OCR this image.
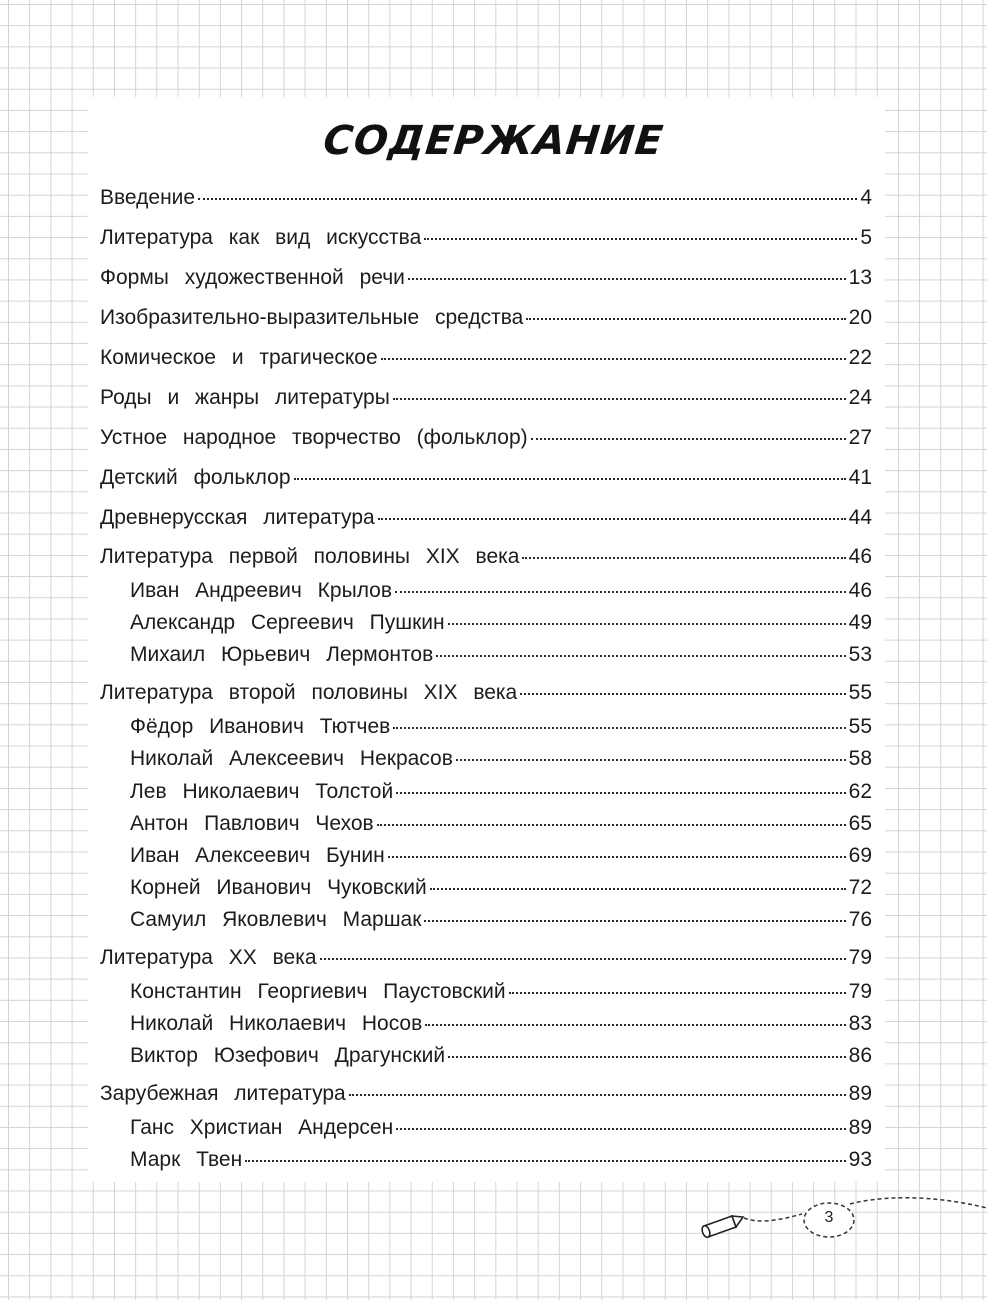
СОДЕРЖАНИЕ
Введение	4
Литература как вид искусства	5
Формы художественной речи	13
Изобразительно-выразительные средства	20
Комическое и трагическое	22
Роды и жанры литературы	24
Устное народное творчество (фольклор)	27
Детский фольклор	41
Древнерусская литература	44
Литература первой половины XIX века	46
Иван Андреевич Крылов	46
Александр Сергеевич Пушкин	49
Михаил Юрьевич Лермонтов	53
Литература второй половины XIX века	55
Фёдор Иванович Тютчев	55
Николай Алексеевич Некрасов	58
Лев Николаевич Толстой	62
Антон Павлович Чехов	65
Иван Алексеевич Бунин	69
Корней Иванович Чуковский	72
Самуил Яковлевич Маршак	76
Литература XX века	79
Константин Георгиевич Паустовский	79
Николай Николаевич Носов	83
Виктор Юзефович Драгунский	86
Зарубежная литература	89
Ганс Христиан Андерсен	89
Марк Твен	93
3
